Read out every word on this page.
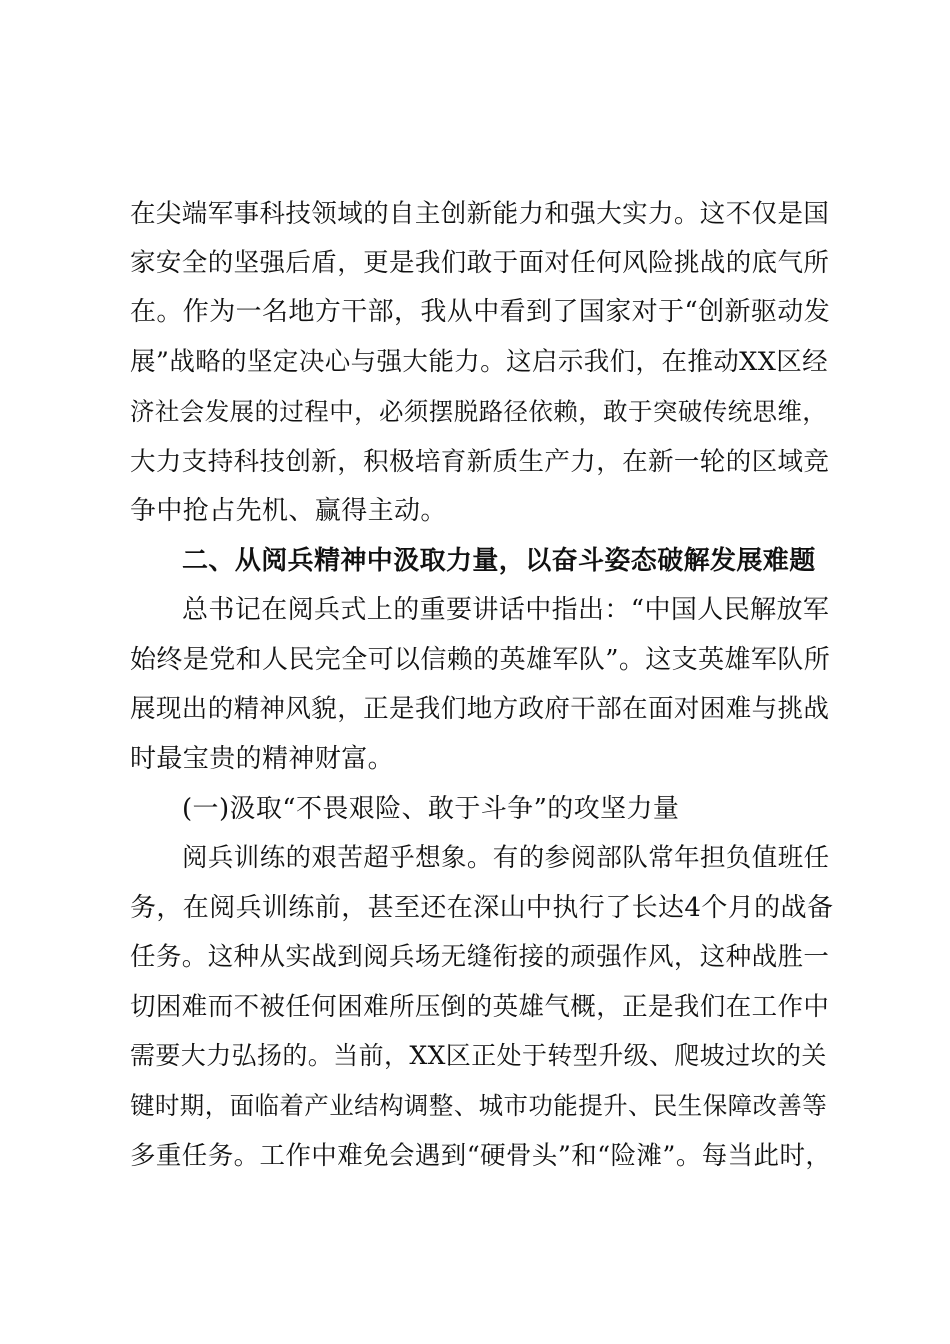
在尖端军事科技领域的自主创新能力和强大实力。这不仅是国
家安全的坚强后盾，更是我们敢于面对任何风险挑战的底气所
在。作为一名地方干部，我从中看到了国家对于“创新驱动发
展”战略的坚定决心与强大能力。这启示我们，在推动XX区经
济社会发展的过程中，必须摆脱路径依赖，敢于突破传统思维，
大力支持科技创新，积极培育新质生产力，在新一轮的区域竞
争中抢占先机、赢得主动。
二、从阅兵精神中汲取力量，以奋斗姿态破解发展难题
总书记在阅兵式上的重要讲话中指出：“中国人民解放军
始终是党和人民完全可以信赖的英雄军队”。这支英雄军队所
展现出的精神风貌，正是我们地方政府干部在面对困难与挑战
时最宝贵的精神财富。
(一)汲取“不畏艰险、敢于斗争”的攻坚力量
阅兵训练的艰苦超乎想象。有的参阅部队常年担负值班任
务，在阅兵训练前，甚至还在深山中执行了长达4个月的战备
任务。这种从实战到阅兵场无缝衔接的顽强作风，这种战胜一
切困难而不被任何困难所压倒的英雄气概，正是我们在工作中
需要大力弘扬的。当前，XX区正处于转型升级、爬坡过坎的关
键时期，面临着产业结构调整、城市功能提升、民生保障改善等
多重任务。工作中难免会遇到“硬骨头”和“险滩”。每当此时，
